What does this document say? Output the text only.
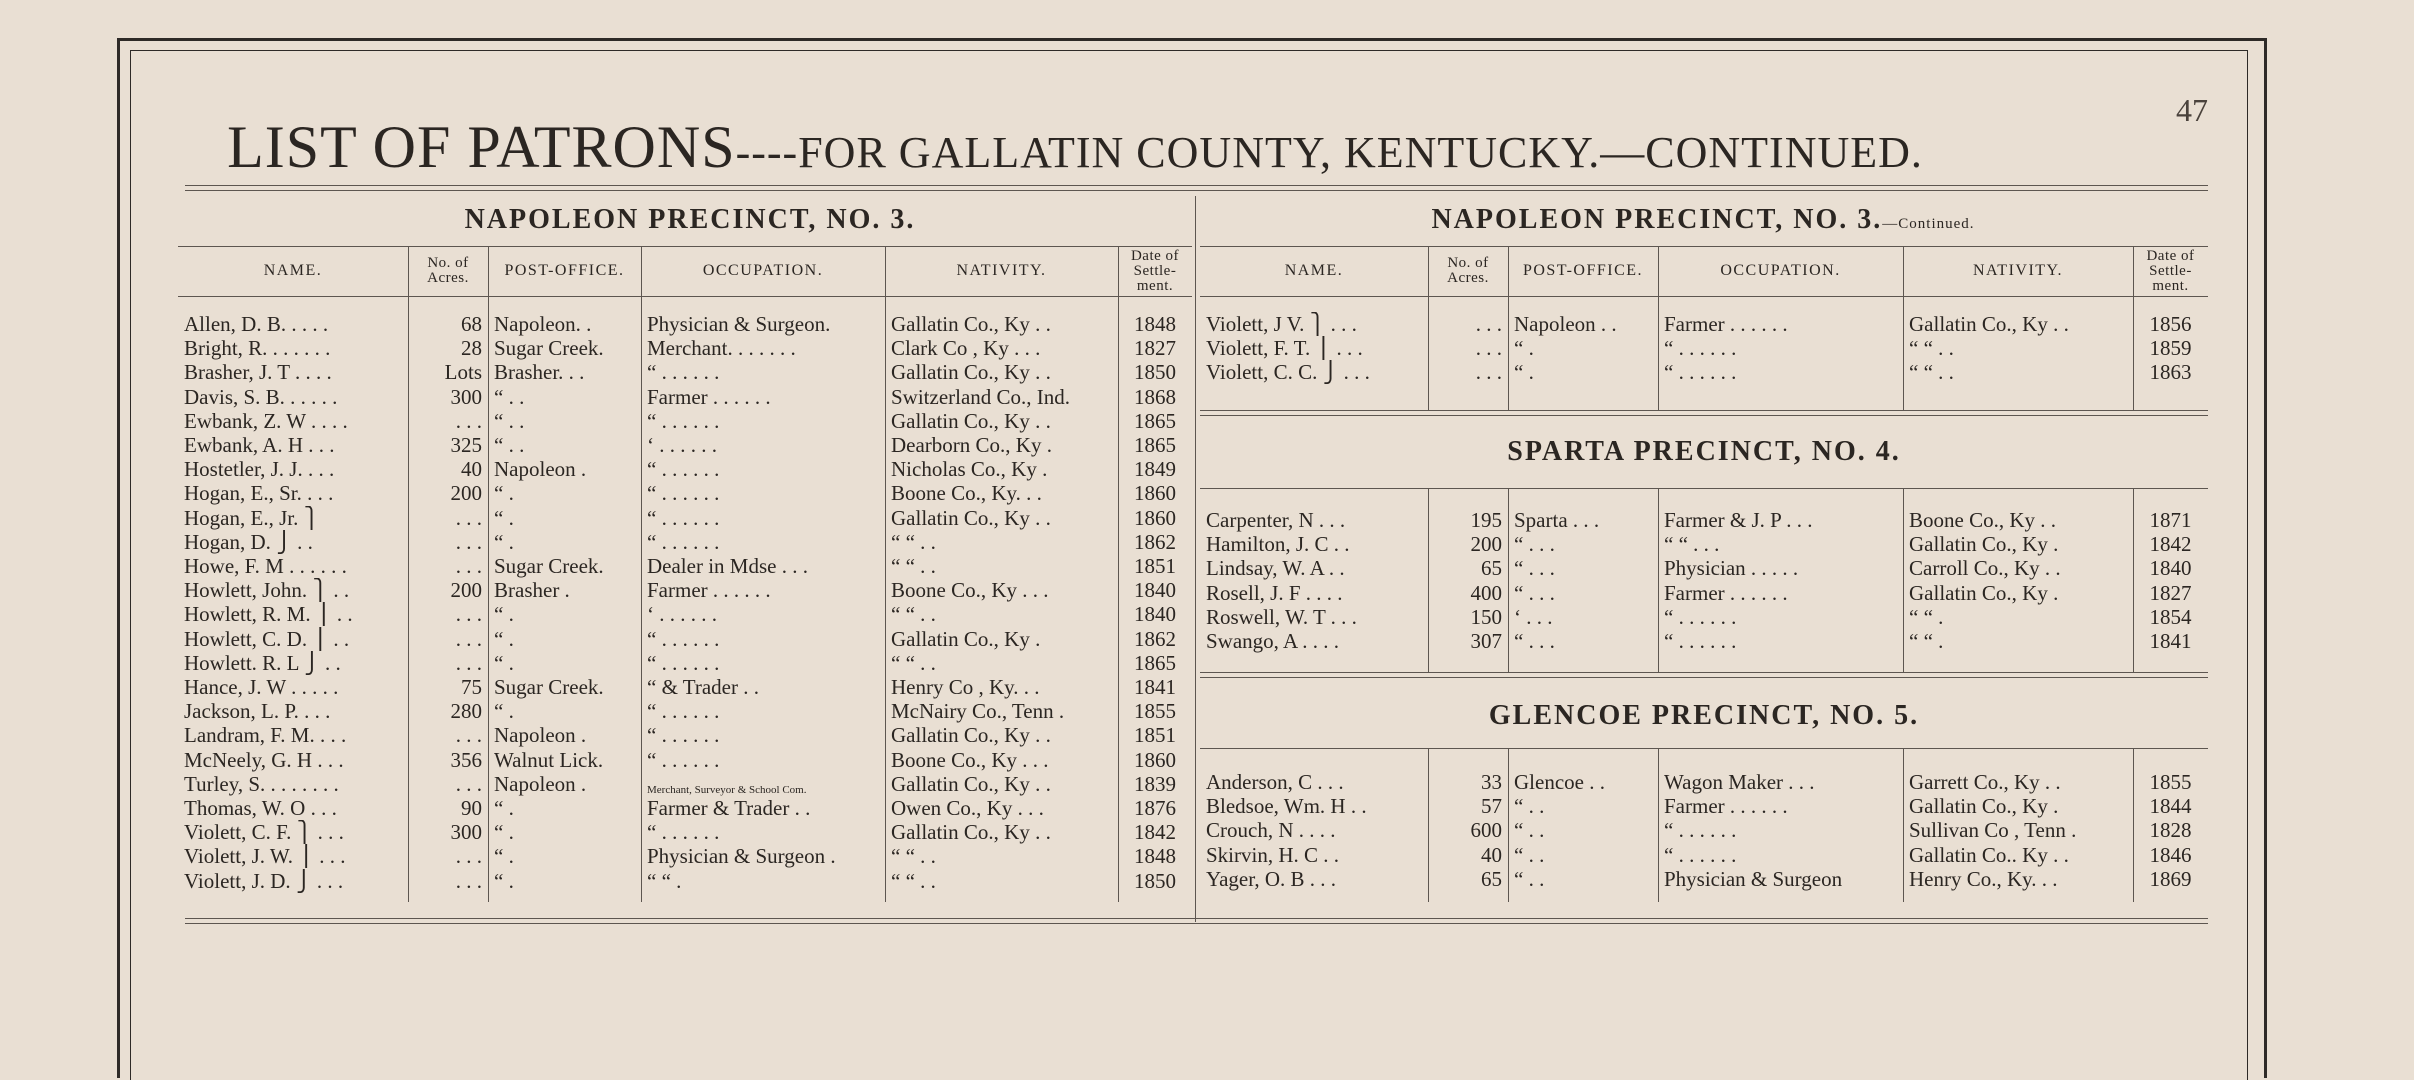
47
LIST OF PATRONS----FOR GALLATIN COUNTY, KENTUCKY.—CONTINUED.
NAPOLEON PRECINCT, NO. 3.	NAPOLEON PRECINCT, NO. 3.—Continued.
NAME.	No. of
Acres.	POST-OFFICE.	OCCUPATION.	NATIVITY.
Date of
Settle-
ment.
Allen, D. B. . . . .	68 Napoleon. .	Physician & Surgeon.	Gallatin Co., Ky . .	1848
Bright, R. . . . . . .	28 Sugar Creek.	Merchant. . . . . . .	Clark Co , Ky . . .	1827
Brasher, J. T . . . .	Lots Brasher. . .	“ . . . . . .	Gallatin Co., Ky . .	1850
Davis, S. B. . . . . .	300 “ . .	Farmer . . . . . .	Switzerland Co., Ind.	1868
Ewbank, Z. W . . . .	. . . “ . .	“ . . . . . .	Gallatin Co., Ky . .	1865
Ewbank, A. H . . .	325 “ . .	‘ . . . . . .	Dearborn Co., Ky .	1865
Hostetler, J. J. . . .	40 Napoleon .	“ . . . . . .	Nicholas Co., Ky .	1849
Hogan, E., Sr. . . .	200 “ .	“ . . . . . .	Boone Co., Ky. . .	1860
Hogan, E., Jr. ⎫	. . . “ .	“ . . . . . .	Gallatin Co., Ky . .	1860
Hogan, D. ⎭ . .	. . . “ .	“ . . . . . .	“ “ . .	1862
Howe, F. M . . . . . .	. . . Sugar Creek.	Dealer in Mdse . . .	“ “ . .	1851
Howlett, John. ⎫ . .	200 Brasher .	Farmer . . . . . .	Boone Co., Ky . . .	1840
Howlett, R. M. ⎪ . .	. . . “ .	‘ . . . . . .	“ “ . .	1840
Howlett, C. D. ⎪ . .	. . . “ .	“ . . . . . .	Gallatin Co., Ky .	1862
Howlett. R. L ⎭ . .	. . . “ .	“ . . . . . .	“ “ . .	1865
Hance, J. W . . . . .	75 Sugar Creek.	“ & Trader . .	Henry Co , Ky. . .	1841
Jackson, L. P. . . .	280 “ .	“ . . . . . .	McNairy Co., Tenn .	1855
Landram, F. M. . . .	. . . Napoleon .	“ . . . . . .	Gallatin Co., Ky . .	1851
McNeely, G. H . . .	356 Walnut Lick.	“ . . . . . .	Boone Co., Ky . . .	1860
Turley, S. . . . . . . .	. . . Napoleon .	Merchant, Surveyor & School Com.	Gallatin Co., Ky . .	1839
Thomas, W. O . . .	90 “ .	Farmer & Trader . .	Owen Co., Ky . . .	1876
Violett, C. F. ⎫ . . .	300 “ .	“ . . . . . .	Gallatin Co., Ky . .	1842
Violett, J. W. ⎪ . . .	. . . “ .	Physician & Surgeon .	“ “ . .	1848
Violett, J. D. ⎭ . . .	. . . “ .	“ “ .	“ “ . .	1850
NAME.	No. of
Acres.	POST-OFFICE.	OCCUPATION.	NATIVITY.
Date of
Settle-
ment.
Violett, J V. ⎫ . . .	. . . Napoleon . .	Farmer . . . . . .	Gallatin Co., Ky . .	1856
Violett, F. T. ⎪ . . .	. . . “ .	“ . . . . . .	“ “ . .	1859
Violett, C. C. ⎭ . . .	. . . “ .	“ . . . . . .	“ “ . .	1863
SPARTA PRECINCT, NO. 4.
Carpenter, N . . .	195 Sparta . . .	Farmer & J. P . . .	Boone Co., Ky . .	1871
Hamilton, J. C . .	200 “ . . .	“ “ . . .	Gallatin Co., Ky .	1842
Lindsay, W. A . .	65 “ . . .	Physician . . . . .	Carroll Co., Ky . .	1840
Rosell, J. F . . . .	400 “ . . .	Farmer . . . . . .	Gallatin Co., Ky .	1827
Roswell, W. T . . .	150 ‘ . . .	“ . . . . . .	“ “ .	1854
Swango, A . . . .	307 “ . . .	“ . . . . . .	“ “ .	1841
GLENCOE PRECINCT, NO. 5.
Anderson, C . . .	33 Glencoe . .	Wagon Maker . . .	Garrett Co., Ky . .	1855
Bledsoe, Wm. H . .	57 “ . .	Farmer . . . . . .	Gallatin Co., Ky .	1844
Crouch, N . . . .	600 “ . .	“ . . . . . .	Sullivan Co , Tenn .	1828
Skirvin, H. C . .	40 “ . .	“ . . . . . .	Gallatin Co.. Ky . .	1846
Yager, O. B . . .	65 “ . .	Physician & Surgeon	Henry Co., Ky. . .	1869
